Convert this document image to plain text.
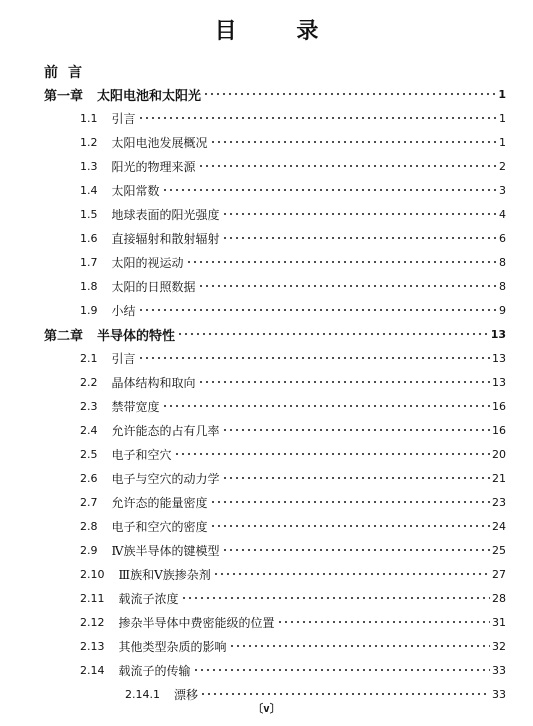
目 录
前言
第一章 太阳电池和太阳光	1
1.1 引言	1
1.2 太阳电池发展概况	1
1.3 阳光的物理来源	2
1.4 太阳常数	3
1.5 地球表面的阳光强度	4
1.6 直接辐射和散射辐射	6
1.7 太阳的视运动	8
1.8 太阳的日照数据	8
1.9 小结	9
第二章 半导体的特性	13
2.1 引言	13
2.2 晶体结构和取向	13
2.3 禁带宽度	16
2.4 允许能态的占有几率	16
2.5 电子和空穴	20
2.6 电子与空穴的动力学	21
2.7 允许态的能量密度	23
2.8 电子和空穴的密度	24
2.9 Ⅳ族半导体的键模型	25
2.10 Ⅲ族和Ⅴ族掺杂剂	27
2.11 载流子浓度	28
2.12 掺杂半导体中费密能级的位置	31
2.13 其他类型杂质的影响	32
2.14 载流子的传输	33
2.14.1 漂移	33
〔v〕
